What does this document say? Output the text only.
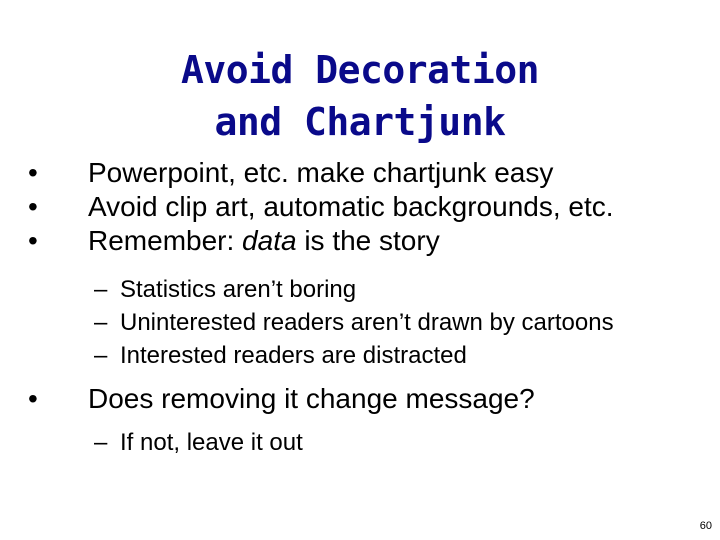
Avoid Decoration
and Chartjunk
• Powerpoint, etc. make chartjunk easy
• Avoid clip art, automatic backgrounds, etc.
• Remember: data is the story
– Statistics aren’t boring
– Uninterested readers aren’t drawn by cartoons
– Interested readers are distracted
• Does removing it change message?
– If not, leave it out
60
